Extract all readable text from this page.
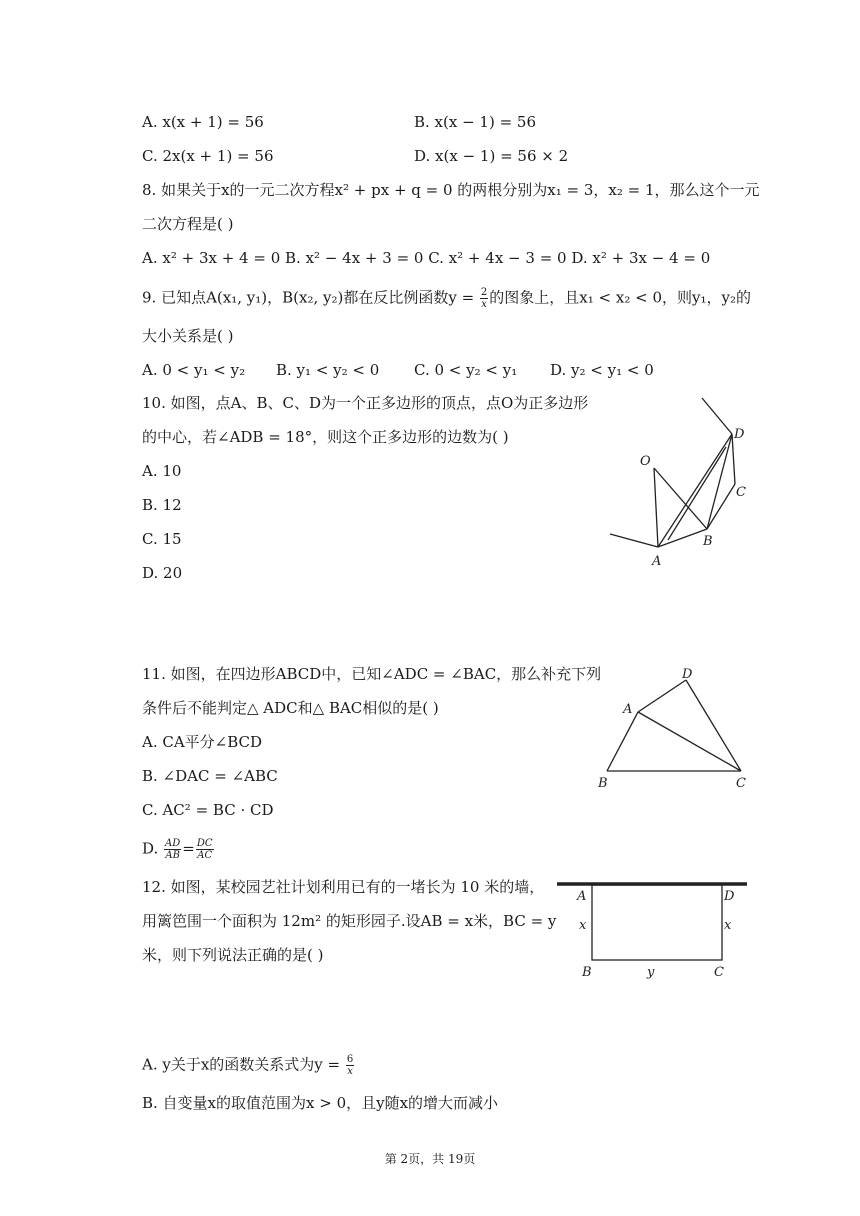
A. x(x + 1) = 56	B. x(x − 1) = 56
C. 2x(x + 1) = 56	D. x(x − 1) = 56 × 2
8. 如果关于x的一元二次方程x² + px + q = 0 的两根分别为x₁ = 3，x₂ = 1，那么这个一元
二次方程是( )
A. x² + 3x + 4 = 0 B. x² − 4x + 3 = 0 C. x² + 4x − 3 = 0 D. x² + 3x − 4 = 0
9. 已知点A(x₁, y₁)，B(x₂, y₂)都在反比例函数$y = \frac{2}{x}$ 的图象上，且x₁ < x₂ < 0，则y₁，y₂的
大小关系是( )
A. 0 < y₁ < y₂ B. y₁ < y₂ < 0 C. 0 < y₂ < y₁ D. y₂ < y₁ < 0
10. 如图，点A、B、C、D为一个正多边形的顶点，点O为正多边形
的中心，若∠ADB = 18°，则这个正多边形的边数为( )
A. 10
B. 12
C. 15
D. 20
O
D
C
B
A
11. 如图，在四边形ABCD中，已知∠ADC = ∠BAC，那么补充下列
条件后不能判定△ ADC和△ BAC相似的是( )
A. CA平分∠BCD
B. ∠DAC = ∠ABC
C. AC² = BC · CD
D. $\frac{AD}{AB} = \frac{DC}{AC}$
D
A
B	C
12. 如图，某校园艺社计划利用已有的一堵长为 10 米的墙，
用篱笆围一个面积为 12m² 的矩形园子.设AB = x米，BC = y
米，则下列说法正确的是( )
A	D
x	x
B	y	C
A. y关于x的函数关系式为$y = \frac{6}{x}$
B. 自变量x的取值范围为x > 0，且y随x的增大而减小
第 2页，共 19页
